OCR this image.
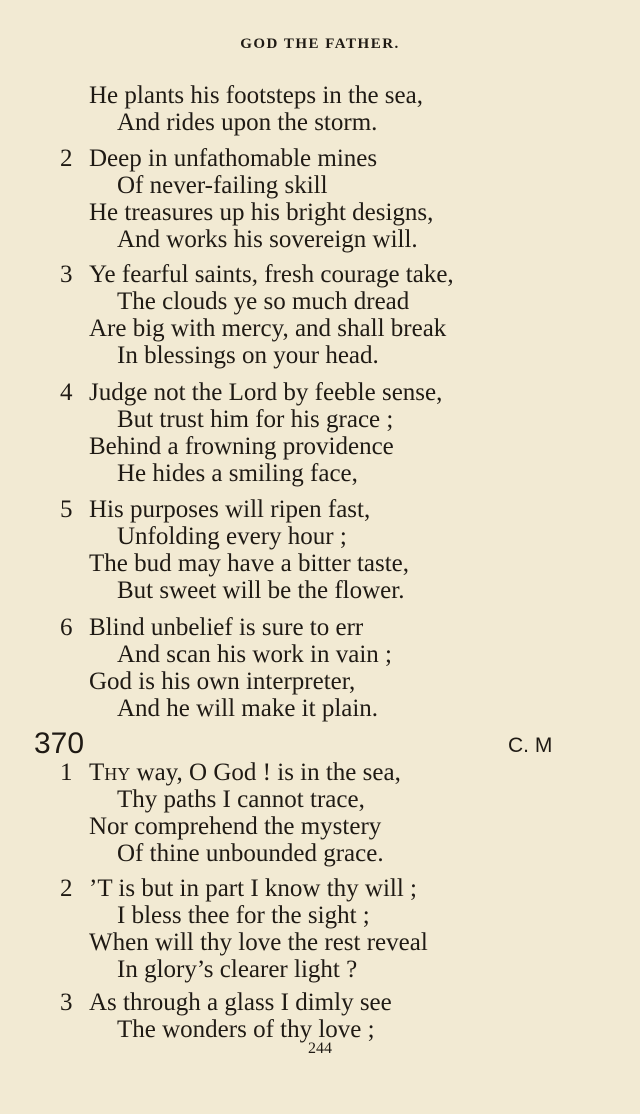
GOD THE FATHER.
He plants his footsteps in the sea,
And rides upon the storm.
2 Deep in unfathomable mines
Of never-failing skill
He treasures up his bright designs,
And works his sovereign will.
3 Ye fearful saints, fresh courage take,
The clouds ye so much dread
Are big with mercy, and shall break
In blessings on your head.
4 Judge not the Lord by feeble sense,
But trust him for his grace ;
Behind a frowning providence
He hides a smiling face,
5 His purposes will ripen fast,
Unfolding every hour ;
The bud may have a bitter taste,
But sweet will be the flower.
6 Blind unbelief is sure to err
And scan his work in vain ;
God is his own interpreter,
And he will make it plain.
370	C. M
1 Thy way, O God ! is in the sea,
Thy paths I cannot trace,
Nor comprehend the mystery
Of thine unbounded grace.
2 ’T is but in part I know thy will ;
I bless thee for the sight ;
When will thy love the rest reveal
In glory’s clearer light ?
3 As through a glass I dimly see
The wonders of thy love ;
244
